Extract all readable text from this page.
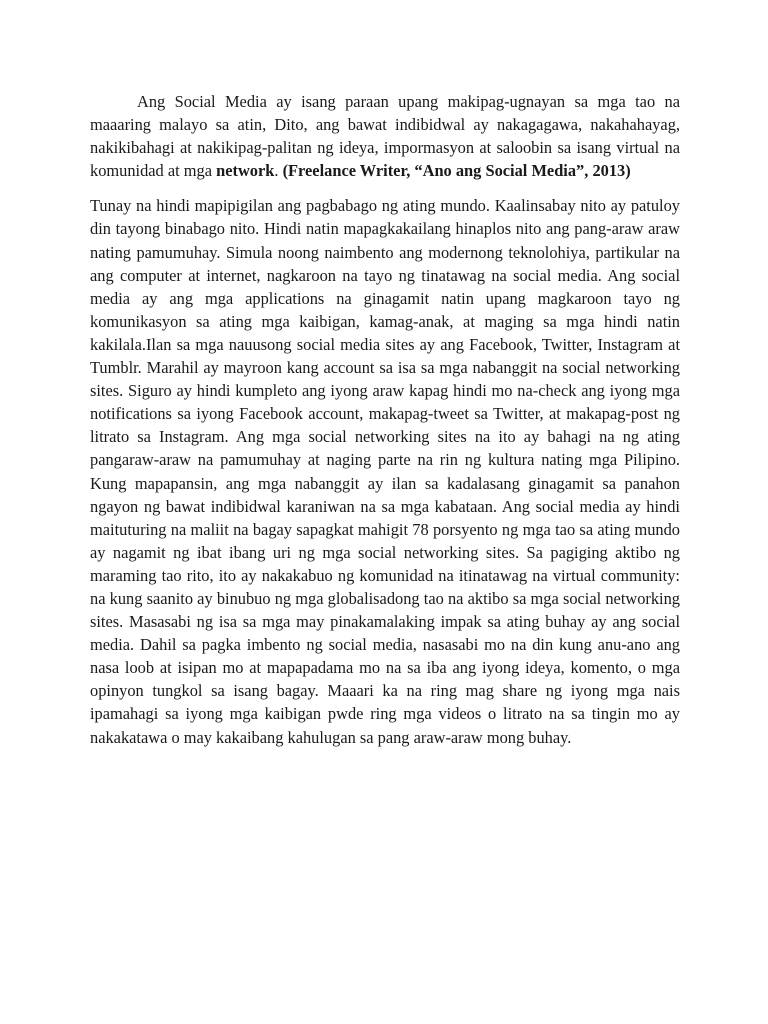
Ang Social Media ay isang paraan upang makipag-ugnayan sa mga tao na maaaring malayo sa atin, Dito, ang bawat indibidwal ay nakagagawa, nakahahayag, nakikibahagi at nakikipag-palitan ng ideya, impormasyon at saloobin sa isang virtual na komunidad at mga network. (Freelance Writer, “Ano ang Social Media”, 2013)

Tunay na hindi mapipigilan ang pagbabago ng ating mundo. Kaalinsabay nito ay patuloy din tayong binabago nito. Hindi natin mapagkakailang hinaplos nito ang pang-araw araw nating pamumuhay. Simula noong naimbento ang modernong teknolohiya, partikular na ang computer at internet, nagkaroon na tayo ng tinatawag na social media. Ang social media ay ang mga applications na ginagamit natin upang magkaroon tayo ng komunikasyon sa ating mga kaibigan, kamag-anak, at maging sa mga hindi natin kakilala.Ilan sa mga nauusong social media sites ay ang Facebook, Twitter, Instagram at Tumblr. Marahil ay mayroon kang account sa isa sa mga nabanggit na social networking sites. Siguro ay hindi kumpleto ang iyong araw kapag hindi mo na-check ang iyong mga notifications sa iyong Facebook account, makapag-tweet sa Twitter, at makapag-post ng litrato sa Instagram. Ang mga social networking sites na ito ay bahagi na ng ating pangaraw-araw na pamumuhay at naging parte na rin ng kultura nating mga Pilipino. Kung mapapansin, ang mga nabanggit ay ilan sa kadalasang ginagamit sa panahon ngayon ng bawat indibidwal karaniwan na sa mga kabataan. Ang social media ay hindi maituturing na maliit na bagay sapagkat mahigit 78 porsyento ng mga tao sa ating mundo ay nagamit ng ibat ibang uri ng mga social networking sites. Sa pagiging aktibo ng maraming tao rito, ito ay nakakabuo ng komunidad na itinatawag na virtual community: na kung saanito ay binubuo ng mga globalisadong tao na aktibo sa mga social networking sites. Masasabi ng isa sa mga may pinakamalaking impak sa ating buhay ay ang social media. Dahil sa pagka imbento ng social media, nasasabi mo na din kung anu-ano ang nasa loob at isipan mo at mapapadama mo na sa iba ang iyong ideya, komento, o mga opinyon tungkol sa isang bagay. Maaari ka na ring mag share ng iyong mga nais ipamahagi sa iyong mga kaibigan pwde ring mga videos o litrato na sa tingin mo ay nakakatawa o may kakaibang kahulugan sa pang araw-araw mong buhay.
